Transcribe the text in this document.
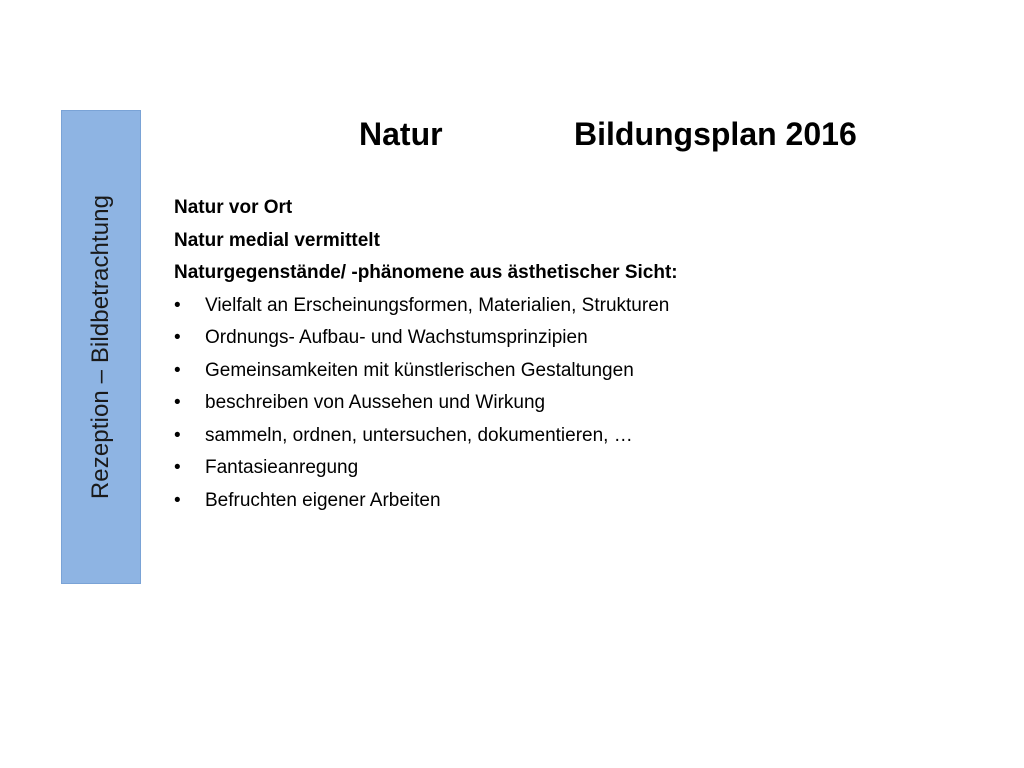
Rezeption – Bildbetrachtung
Natur	Bildungsplan 2016
Natur vor Ort
Natur medial vermittelt
Naturgegenstände/ -phänomene aus ästhetischer Sicht:
• Vielfalt an Erscheinungsformen, Materialien, Strukturen
• Ordnungs- Aufbau- und Wachstumsprinzipien
• Gemeinsamkeiten mit künstlerischen Gestaltungen
• beschreiben von Aussehen und Wirkung
• sammeln, ordnen, untersuchen, dokumentieren, …
• Fantasieanregung
• Befruchten eigener Arbeiten
